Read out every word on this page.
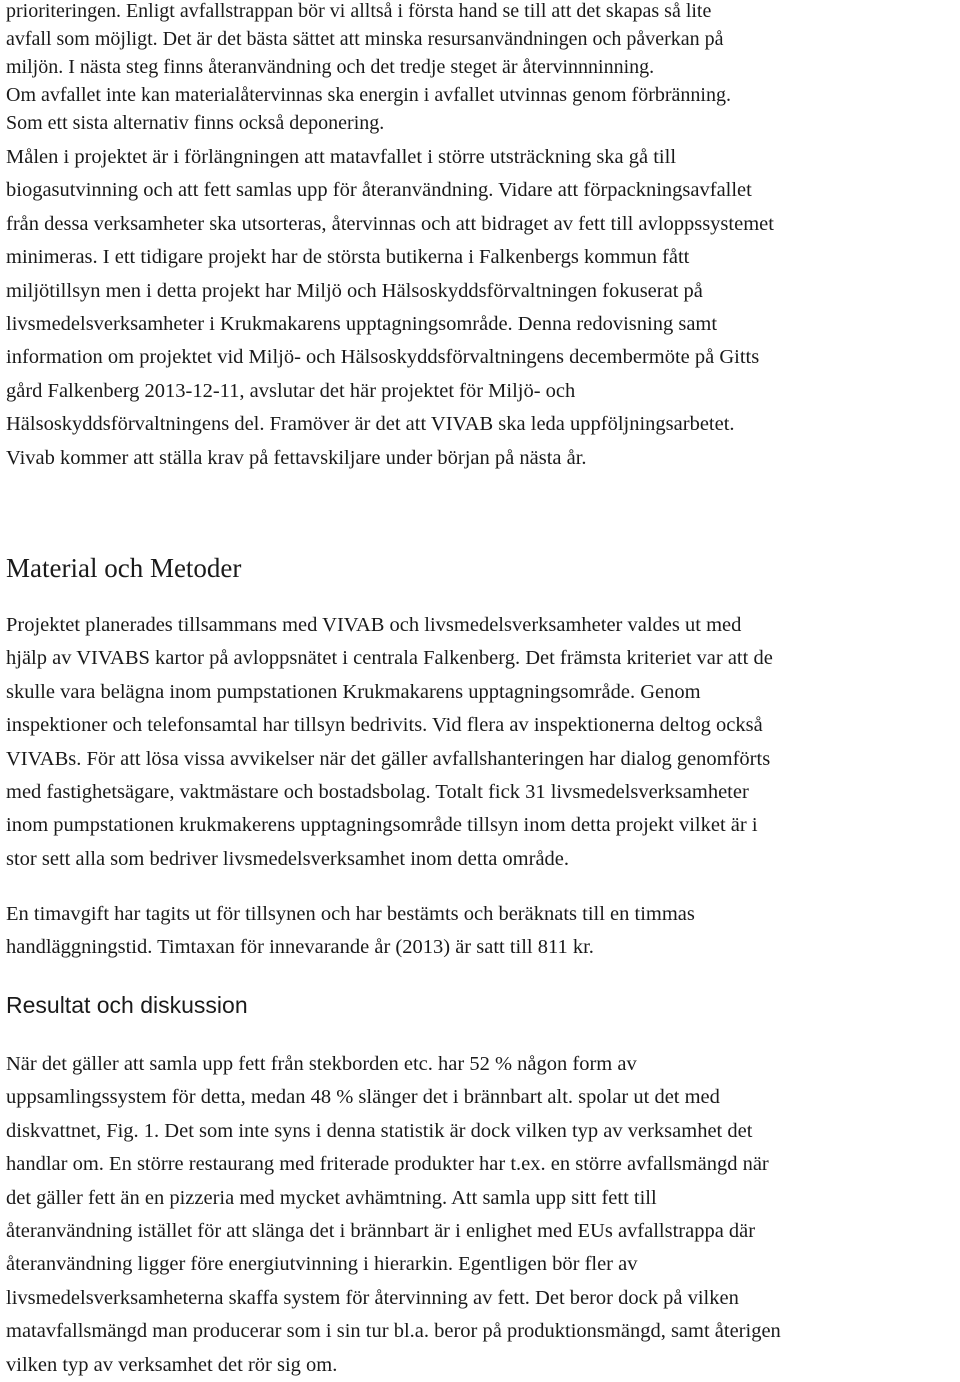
prioriteringen. Enligt avfallstrappan bör vi alltså i första hand se till att det skapas så lite
avfall som möjligt. Det är det bästa sättet att minska resursanvändningen och påverkan på
miljön. I nästa steg finns återanvändning och det tredje steget är återvinnninning.
Om avfallet inte kan materialåtervinnas ska energin i avfallet utvinnas genom förbränning.
Som ett sista alternativ finns också deponering.
Målen i projektet är i förlängningen att matavfallet i större utsträckning ska gå till
biogasutvinning och att fett samlas upp för återanvändning. Vidare att förpackningsavfallet
från dessa verksamheter ska utsorteras, återvinnas och att bidraget av fett till avloppssystemet
minimeras. I ett tidigare projekt har de största butikerna i Falkenbergs kommun fått
miljötillsyn men i detta projekt har Miljö och Hälsoskyddsförvaltningen fokuserat på
livsmedelsverksamheter i Krukmakarens upptagningsområde. Denna redovisning samt
information om projektet vid Miljö- och Hälsoskyddsförvaltningens decembermöte på Gitts
gård Falkenberg 2013-12-11, avslutar det här projektet för Miljö- och
Hälsoskyddsförvaltningens del. Framöver är det att VIVAB ska leda uppföljningsarbetet.
Vivab kommer att ställa krav på fettavskiljare under början på nästa år.
Material och Metoder
Projektet planerades tillsammans med VIVAB och livsmedelsverksamheter valdes ut med
hjälp av VIVABS kartor på avloppsnätet i centrala Falkenberg. Det främsta kriteriet var att de
skulle vara belägna inom pumpstationen Krukmakarens upptagningsområde. Genom
inspektioner och telefonsamtal har tillsyn bedrivits. Vid flera av inspektionerna deltog också
VIVABs. För att lösa vissa avvikelser när det gäller avfallshanteringen har dialog genomförts
med fastighetsägare, vaktmästare och bostadsbolag. Totalt fick 31 livsmedelsverksamheter
inom pumpstationen krukmakerens upptagningsområde tillsyn inom detta projekt vilket är i
stor sett alla som bedriver livsmedelsverksamhet inom detta område.
En timavgift har tagits ut för tillsynen och har bestämts och beräknats till en timmas
handläggningstid. Timtaxan för innevarande år (2013) är satt till 811 kr.
Resultat och diskussion
När det gäller att samla upp fett från stekborden etc. har 52 % någon form av
uppsamlingssystem för detta, medan 48 % slänger det i brännbart alt. spolar ut det med
diskvattnet, Fig. 1. Det som inte syns i denna statistik är dock vilken typ av verksamhet det
handlar om. En större restaurang med friterade produkter har t.ex. en större avfallsmängd när
det gäller fett än en pizzeria med mycket avhämtning. Att samla upp sitt fett till
återanvändning istället för att slänga det i brännbart är i enlighet med EUs avfallstrappa där
återanvändning ligger före energiutvinning i hierarkin. Egentligen bör fler av
livsmedelsverksamheterna skaffa system för återvinning av fett. Det beror dock på vilken
matavfallsmängd man producerar som i sin tur bl.a. beror på produktionsmängd, samt återigen
vilken typ av verksamhet det rör sig om.
